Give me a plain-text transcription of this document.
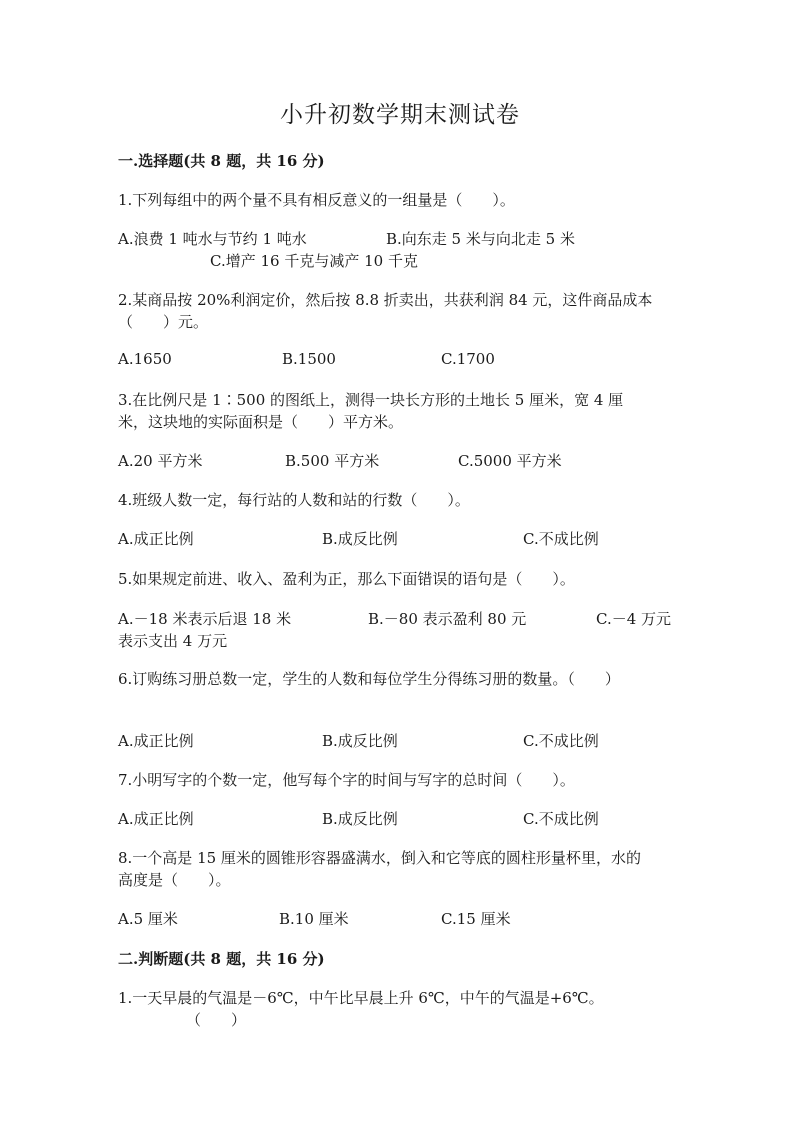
小升初数学期末测试卷
一.选择题(共 8 题，共 16 分)
1.下列每组中的两个量不具有相反意义的一组量是（　　）。
A.浪费 1 吨水与节约 1 吨水	B.向东走 5 米与向北走 5 米
C.增产 16 千克与减产 10 千克
2.某商品按 20%利润定价，然后按 8.8 折卖出，共获利润 84 元，这件商品成本
（　　）元。
A.1650	B.1500	C.1700
3.在比例尺是 1∶500 的图纸上，测得一块长方形的土地长 5 厘米，宽 4 厘
米，这块地的实际面积是（　　）平方米。
A.20 平方米	B.500 平方米	C.5000 平方米
4.班级人数一定，每行站的人数和站的行数（　　）。
A.成正比例	B.成反比例	C.不成比例
5.如果规定前进、收入、盈利为正，那么下面错误的语句是（　　）。
A.－18 米表示后退 18 米	B.－80 表示盈利 80 元	C.－4 万元
表示支出 4 万元
6.订购练习册总数一定，学生的人数和每位学生分得练习册的数量。（　　）
A.成正比例	B.成反比例	C.不成比例
7.小明写字的个数一定，他写每个字的时间与写字的总时间（　　）。
A.成正比例	B.成反比例	C.不成比例
8.一个高是 15 厘米的圆锥形容器盛满水，倒入和它等底的圆柱形量杯里，水的
高度是（　　）。
A.5 厘米	B.10 厘米	C.15 厘米
二.判断题(共 8 题，共 16 分)
1.一天早晨的气温是－6℃，中午比早晨上升 6℃，中午的气温是+6℃。
（　　）
